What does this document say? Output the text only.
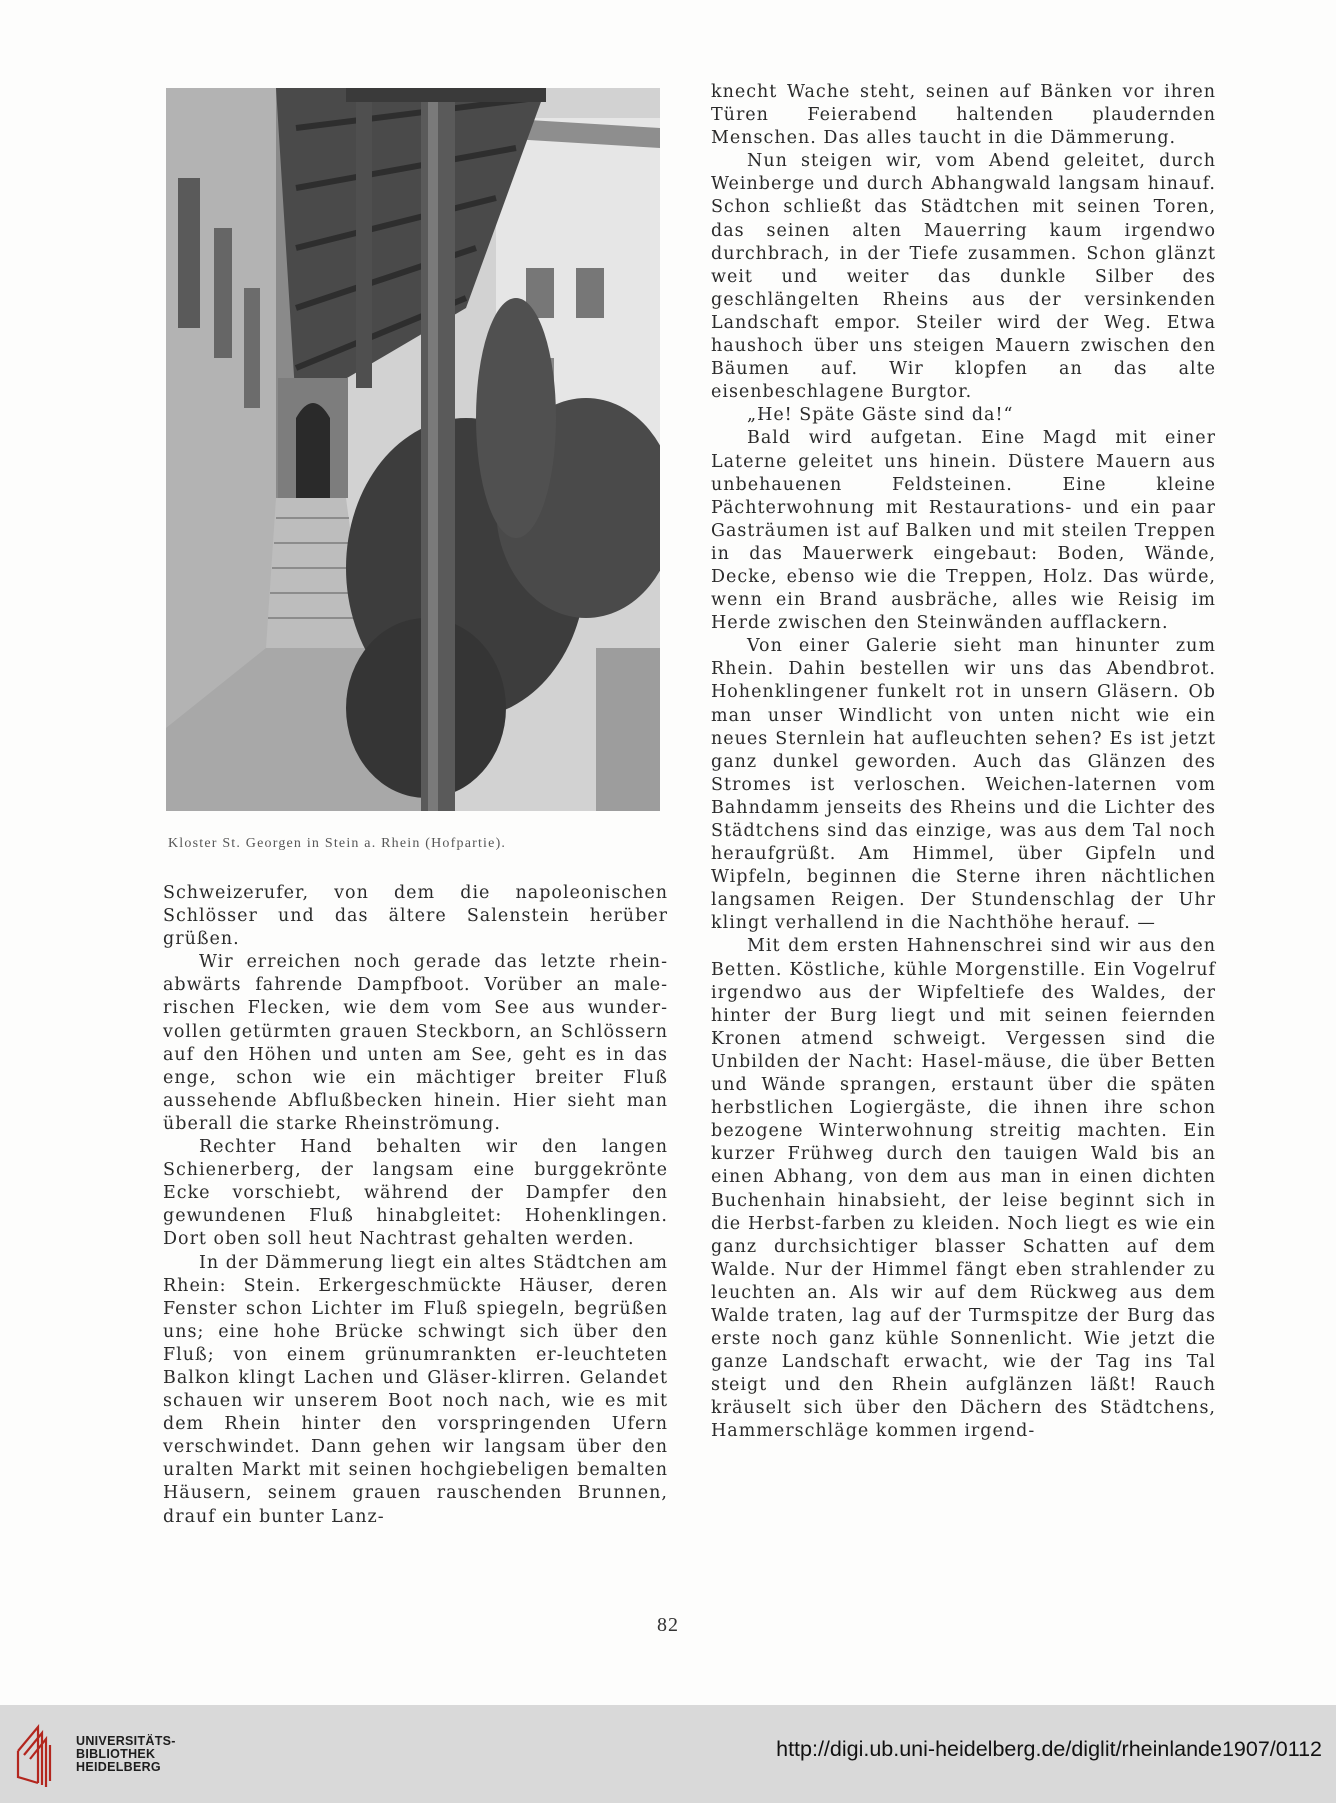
Kloster St. Georgen in Stein a. Rhein (Hofpartie).

Schweizerufer, von dem die napoleonischen Schlösser und das ältere Salenstein herüber grüßen.

Wir erreichen noch gerade das letzte rhein-abwärts fahrende Dampfboot. Vorüber an male-rischen Flecken, wie dem vom See aus wunder-vollen getürmten grauen Steckborn, an Schlössern auf den Höhen und unten am See, geht es in das enge, schon wie ein mächtiger breiter Fluß aussehende Abflußbecken hinein. Hier sieht man überall die starke Rheinströmung.

Rechter Hand behalten wir den langen Schienerberg, der langsam eine burggekrönte Ecke vorschiebt, während der Dampfer den gewundenen Fluß hinabgleitet: Hohenklingen. Dort oben soll heut Nachtrast gehalten werden.

In der Dämmerung liegt ein altes Städtchen am Rhein: Stein. Erkergeschmückte Häuser, deren Fenster schon Lichter im Fluß spiegeln, begrüßen uns; eine hohe Brücke schwingt sich über den Fluß; von einem grünumrankten er-leuchteten Balkon klingt Lachen und Gläser-klirren. Gelandet schauen wir unserem Boot noch nach, wie es mit dem Rhein hinter den vorspringenden Ufern verschwindet. Dann gehen wir langsam über den uralten Markt mit seinen hochgiebeligen bemalten Häusern, seinem grauen rauschenden Brunnen, drauf ein bunter Lanz-

knecht Wache steht, seinen auf Bänken vor ihren Türen Feierabend haltenden plaudernden Menschen. Das alles taucht in die Dämmerung.

Nun steigen wir, vom Abend geleitet, durch Weinberge und durch Abhangwald langsam hinauf. Schon schließt das Städtchen mit seinen Toren, das seinen alten Mauerring kaum irgendwo durchbrach, in der Tiefe zusammen. Schon glänzt weit und weiter das dunkle Silber des geschlängelten Rheins aus der versinkenden Landschaft empor. Steiler wird der Weg. Etwa haushoch über uns steigen Mauern zwischen den Bäumen auf. Wir klopfen an das alte eisenbeschlagene Burgtor.

„He! Späte Gäste sind da!“

Bald wird aufgetan. Eine Magd mit einer Laterne geleitet uns hinein. Düstere Mauern aus unbehauenen Feldsteinen. Eine kleine Pächterwohnung mit Restaurations- und ein paar Gasträumen ist auf Balken und mit steilen Treppen in das Mauerwerk eingebaut: Boden, Wände, Decke, ebenso wie die Treppen, Holz. Das würde, wenn ein Brand ausbräche, alles wie Reisig im Herde zwischen den Steinwänden aufflackern.

Von einer Galerie sieht man hinunter zum Rhein. Dahin bestellen wir uns das Abendbrot. Hohenklingener funkelt rot in unsern Gläsern. Ob man unser Windlicht von unten nicht wie ein neues Sternlein hat aufleuchten sehen? Es ist jetzt ganz dunkel geworden. Auch das Glänzen des Stromes ist verloschen. Weichen-laternen vom Bahndamm jenseits des Rheins und die Lichter des Städtchens sind das einzige, was aus dem Tal noch heraufgrüßt. Am Himmel, über Gipfeln und Wipfeln, beginnen die Sterne ihren nächtlichen langsamen Reigen. Der Stundenschlag der Uhr klingt verhallend in die Nachthöhe herauf. —

Mit dem ersten Hahnenschrei sind wir aus den Betten. Köstliche, kühle Morgenstille. Ein Vogelruf irgendwo aus der Wipfeltiefe des Waldes, der hinter der Burg liegt und mit seinen feiernden Kronen atmend schweigt. Vergessen sind die Unbilden der Nacht: Hasel-mäuse, die über Betten und Wände sprangen, erstaunt über die späten herbstlichen Logiergäste, die ihnen ihre schon bezogene Winterwohnung streitig machten. Ein kurzer Frühweg durch den tauigen Wald bis an einen Abhang, von dem aus man in einen dichten Buchenhain hinabsieht, der leise beginnt sich in die Herbst-farben zu kleiden. Noch liegt es wie ein ganz durchsichtiger blasser Schatten auf dem Walde. Nur der Himmel fängt eben strahlender zu leuchten an. Als wir auf dem Rückweg aus dem Walde traten, lag auf der Turmspitze der Burg das erste noch ganz kühle Sonnenlicht. Wie jetzt die ganze Landschaft erwacht, wie der Tag ins Tal steigt und den Rhein aufglänzen läßt! Rauch kräuselt sich über den Dächern des Städtchens, Hammerschläge kommen irgend-

82
UNIVERSITÄTS-
BIBLIOTHEK
HEIDELBERG
http://digi.ub.uni-heidelberg.de/diglit/rheinlande1907/0112
